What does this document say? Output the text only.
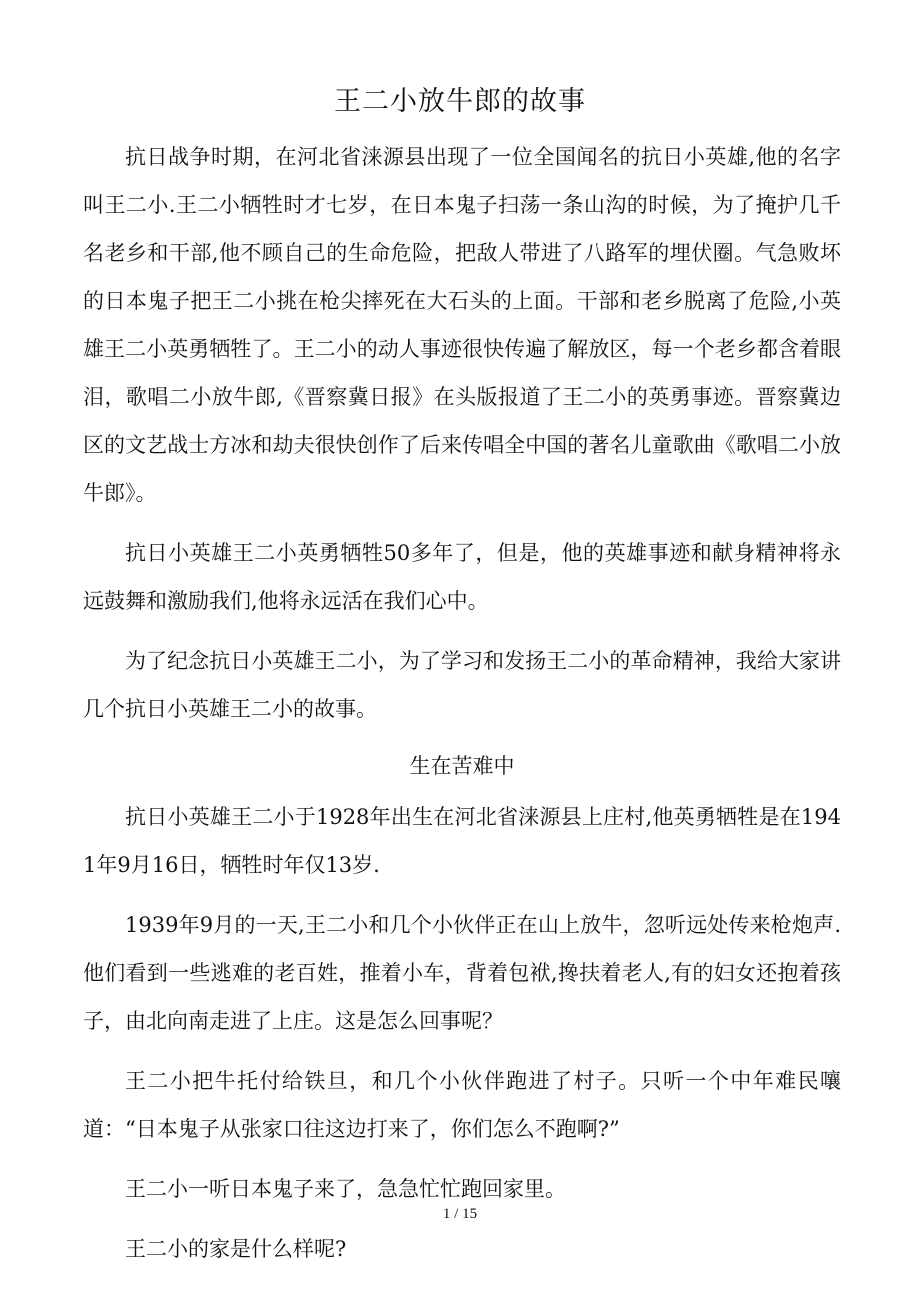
王二小放牛郎的故事

抗日战争时期，在河北省涞源县出现了一位全国闻名的抗日小英雄,他的名字叫王二小.王二小牺牲时才七岁，在日本鬼子扫荡一条山沟的时候，为了掩护几千名老乡和干部,他不顾自己的生命危险，把敌人带进了八路军的埋伏圈。气急败坏的日本鬼子把王二小挑在枪尖摔死在大石头的上面。干部和老乡脱离了危险,小英雄王二小英勇牺牲了。王二小的动人事迹很快传遍了解放区，每一个老乡都含着眼泪，歌唱二小放牛郎,《晋察冀日报》在头版报道了王二小的英勇事迹。晋察冀边区的文艺战士方冰和劫夫很快创作了后来传唱全中国的著名儿童歌曲《歌唱二小放牛郎》。

抗日小英雄王二小英勇牺牲50多年了，但是，他的英雄事迹和献身精神将永远鼓舞和激励我们,他将永远活在我们心中。

为了纪念抗日小英雄王二小，为了学习和发扬王二小的革命精神，我给大家讲几个抗日小英雄王二小的故事。

生在苦难中

抗日小英雄王二小于1928年出生在河北省涞源县上庄村,他英勇牺牲是在1941年9月16日，牺牲时年仅13岁.

1939年9月的一天,王二小和几个小伙伴正在山上放牛，忽听远处传来枪炮声.他们看到一些逃难的老百姓，推着小车，背着包袱,搀扶着老人,有的妇女还抱着孩子，由北向南走进了上庄。这是怎么回事呢？

王二小把牛托付给铁旦，和几个小伙伴跑进了村子。只听一个中年难民嚷道：“日本鬼子从张家口往这边打来了，你们怎么不跑啊?”

王二小一听日本鬼子来了，急急忙忙跑回家里。

王二小的家是什么样呢?

1 / 15
